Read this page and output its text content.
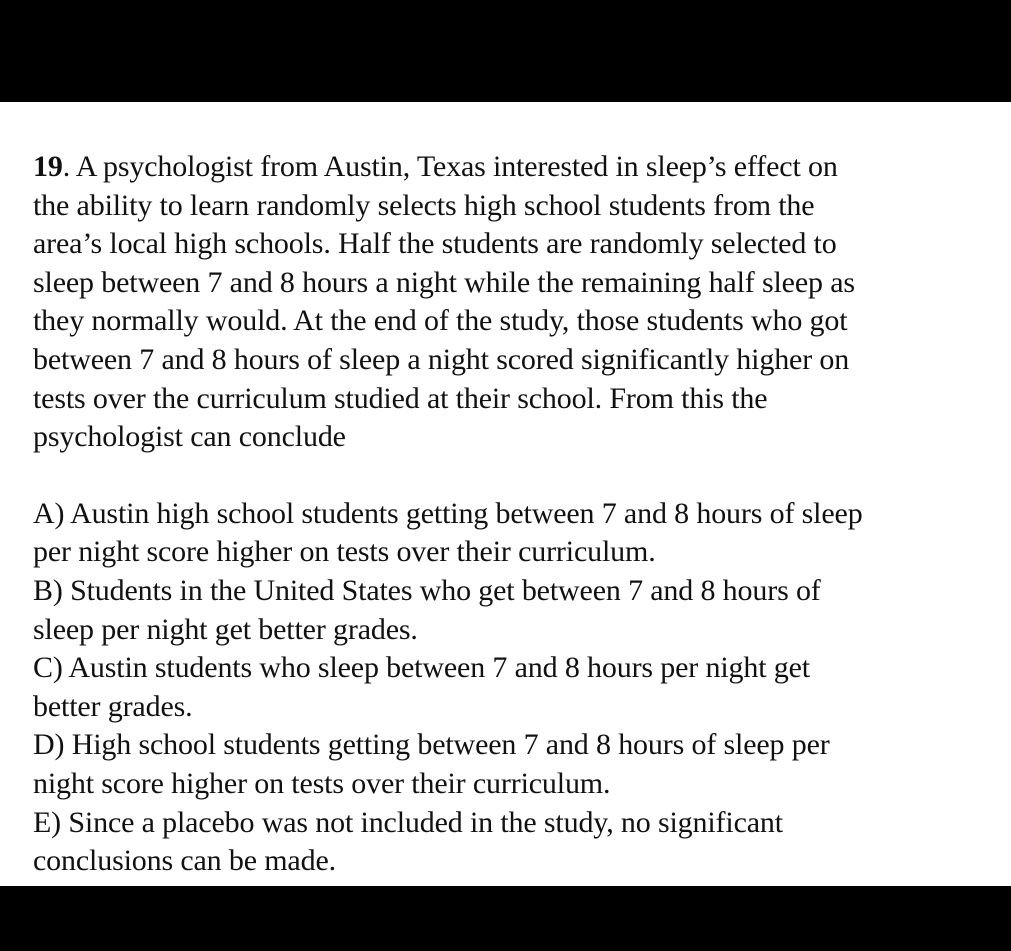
19. A psychologist from Austin, Texas interested in sleep’s effect on

the ability to learn randomly selects high school students from the

area’s local high schools. Half the students are randomly selected to

sleep between 7 and 8 hours a night while the remaining half sleep as

they normally would. At the end of the study, those students who got

between 7 and 8 hours of sleep a night scored significantly higher on

tests over the curriculum studied at their school. From this the

psychologist can conclude

A) Austin high school students getting between 7 and 8 hours of sleep
per night score higher on tests over their curriculum.
B) Students in the United States who get between 7 and 8 hours of
sleep per night get better grades.
C) Austin students who sleep between 7 and 8 hours per night get
better grades.
D) High school students getting between 7 and 8 hours of sleep per
night score higher on tests over their curriculum.
E) Since a placebo was not included in the study, no significant
conclusions can be made.
